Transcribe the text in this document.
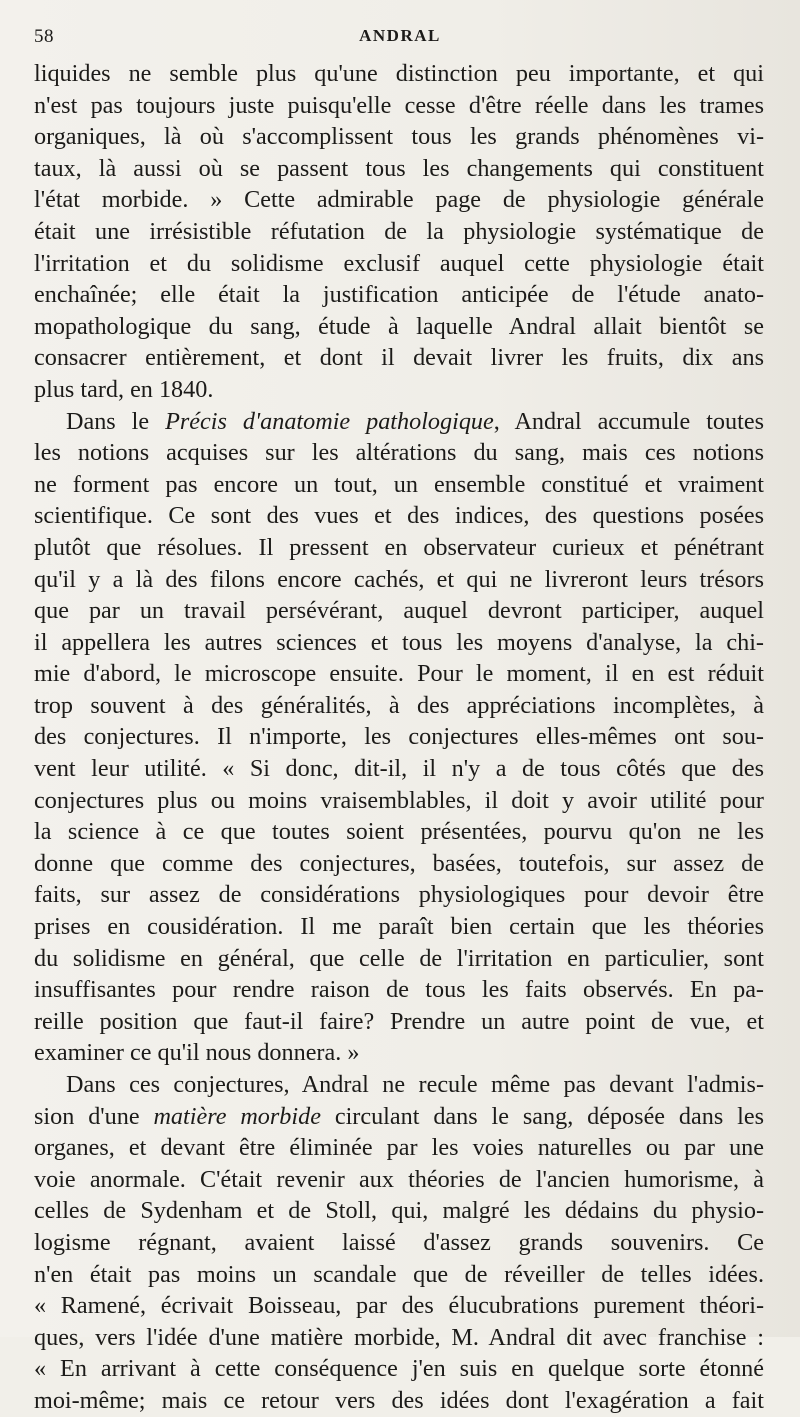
58	ANDRAL

liquides ne semble plus qu'une distinction peu importante, et qui
n'est pas toujours juste puisqu'elle cesse d'être réelle dans les trames
organiques, là où s'accomplissent tous les grands phénomènes vi-
taux, là aussi où se passent tous les changements qui constituent
l'état morbide. » Cette admirable page de physiologie générale
était une irrésistible réfutation de la physiologie systématique de
l'irritation et du solidisme exclusif auquel cette physiologie était
enchaînée; elle était la justification anticipée de l'étude anato-
mopathologique du sang, étude à laquelle Andral allait bientôt se
consacrer entièrement, et dont il devait livrer les fruits, dix ans
plus tard, en 1840.

Dans le Précis d'anatomie pathologique, Andral accumule toutes
les notions acquises sur les altérations du sang, mais ces notions
ne forment pas encore un tout, un ensemble constitué et vraiment
scientifique. Ce sont des vues et des indices, des questions posées
plutôt que résolues. Il pressent en observateur curieux et pénétrant
qu'il y a là des filons encore cachés, et qui ne livreront leurs trésors
que par un travail persévérant, auquel devront participer, auquel
il appellera les autres sciences et tous les moyens d'analyse, la chi-
mie d'abord, le microscope ensuite. Pour le moment, il en est réduit
trop souvent à des généralités, à des appréciations incomplètes, à
des conjectures. Il n'importe, les conjectures elles-mêmes ont sou-
vent leur utilité. « Si donc, dit-il, il n'y a de tous côtés que des
conjectures plus ou moins vraisemblables, il doit y avoir utilité pour
la science à ce que toutes soient présentées, pourvu qu'on ne les
donne que comme des conjectures, basées, toutefois, sur assez de
faits, sur assez de considérations physiologiques pour devoir être
prises en cousidération. Il me paraît bien certain que les théories
du solidisme en général, que celle de l'irritation en particulier, sont
insuffisantes pour rendre raison de tous les faits observés. En pa-
reille position que faut-il faire? Prendre un autre point de vue, et
examiner ce qu'il nous donnera. »

Dans ces conjectures, Andral ne recule même pas devant l'admis-
sion d'une matière morbide circulant dans le sang, déposée dans les
organes, et devant être éliminée par les voies naturelles ou par une
voie anormale. C'était revenir aux théories de l'ancien humorisme, à
celles de Sydenham et de Stoll, qui, malgré les dédains du physio-
logisme régnant, avaient laissé d'assez grands souvenirs. Ce
n'en était pas moins un scandale que de réveiller de telles idées.
« Ramené, écrivait Boisseau, par des élucubrations purement théori-
ques, vers l'idée d'une matière morbide, M. Andral dit avec franchise :
« En arrivant à cette conséquence j'en suis en quelque sorte étonné
moi-même; mais ce retour vers des idées dont l'exagération a fait
